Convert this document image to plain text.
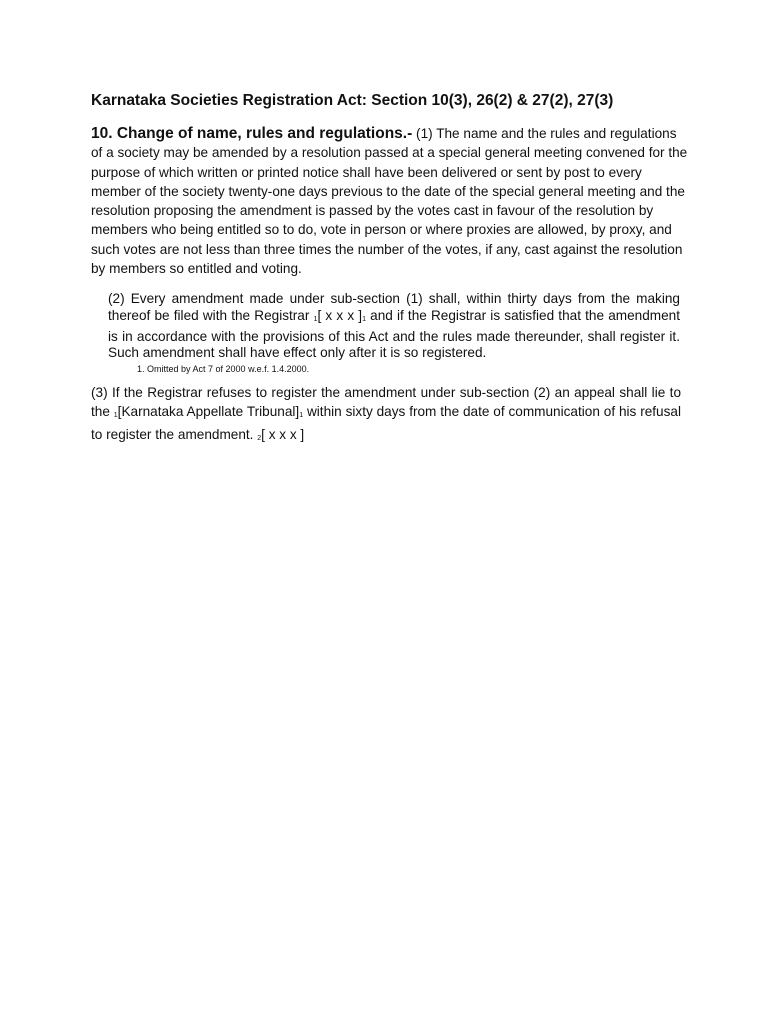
Karnataka Societies Registration Act: Section 10(3), 26(2) & 27(2), 27(3)
10. Change of name, rules and regulations.- (1) The name and the rules and regulations of a society may be amended by a resolution passed at a special general meeting convened for the purpose of which written or printed notice shall have been delivered or sent by post to every member of the society twenty-one days previous to the date of the special general meeting and the resolution proposing the amendment is passed by the votes cast in favour of the resolution by members who being entitled so to do, vote in person or where proxies are allowed, by proxy, and such votes are not less than three times the number of the votes, if any, cast against the resolution by members so entitled and voting.
(2) Every amendment made under sub-section (1) shall, within thirty days from the making thereof be filed with the Registrar $_1$[ x x x ]$_1$ and if the Registrar is satisfied that the amendment is in accordance with the provisions of this Act and the rules made thereunder, shall register it. Such amendment shall have effect only after it is so registered.
1. Omitted by Act 7 of 2000 w.e.f. 1.4.2000.
(3) If the Registrar refuses to register the amendment under sub-section (2) an appeal shall lie to the $_1$[Karnataka Appellate $Tribunal]_1$ within sixty days from the date of communication of his refusal to register the amendment. $_2$[ x x x ]
